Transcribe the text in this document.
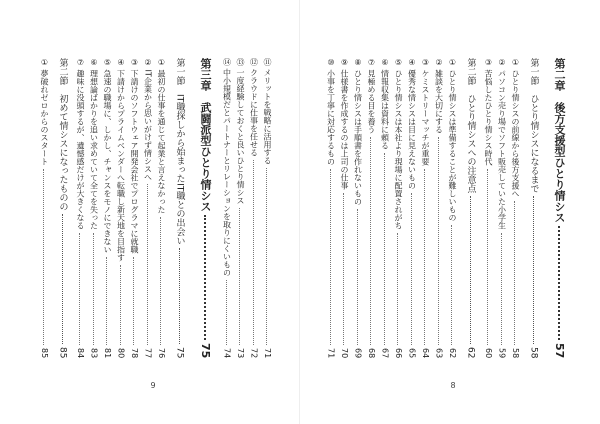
⑪ メリットを戦略に活用する
71
⑫ クラウドに仕事を任せる
72
⑬ 一度経験しておくと良いひとり情シス
73
⑭ 中小規模だとパートナーとリレーションを取りにくいもの
74
第三章　武闘派型ひとり情シス
75
第一節　IT職探しから始まったIT職との出会い
75
① 最初の仕事を通じて起業と言えなかった
76
② IT企業から思いがけず情シスへ
77
③ 下請けのソフトウェア開発会社でプログラマに就職
78
④ 下請けからプライムベンダーへ転職し新天地を目指す
80
⑤ 急速の職場に、しかし、チャンスをモノにできない
81
⑥ 理想論ばかりを追い求めていて全てを失った
83
⑦ 趣味に没頭するが、遺憾感だけが大きくなる
84
第二節　初めて情シスになったものの
85
① 夢破れゼロからのスタート
85
9
第二章　後方支援型ひとり情シス
57
第一節　ひとり情シスになるまで
58
① ひとり情シスの前線から後方支援へ
58
② パソコン売り場でソフト販売していた小学生
59
③ 苦悩したひとり情シス時代
60
第二節　ひとり情シスへの注意点
62
① ひとり情シスは準備することが難しいもの
62
② 雑談を大切にする
63
③ ケミストリーマッチが重要
64
④ 優秀な情シスは目に見えないもの
65
⑤ ひとり情シスは本社より現場に配置されがち
66
⑥ 情報収集は資料に頼る
67
⑦ 見極める目を養う
68
⑧ ひとり情シスは手順書を作れないもの
69
⑨ 仕様書を作成するのは上司の仕事
70
⑩ 小事を丁寧に対応するもの
71
8
